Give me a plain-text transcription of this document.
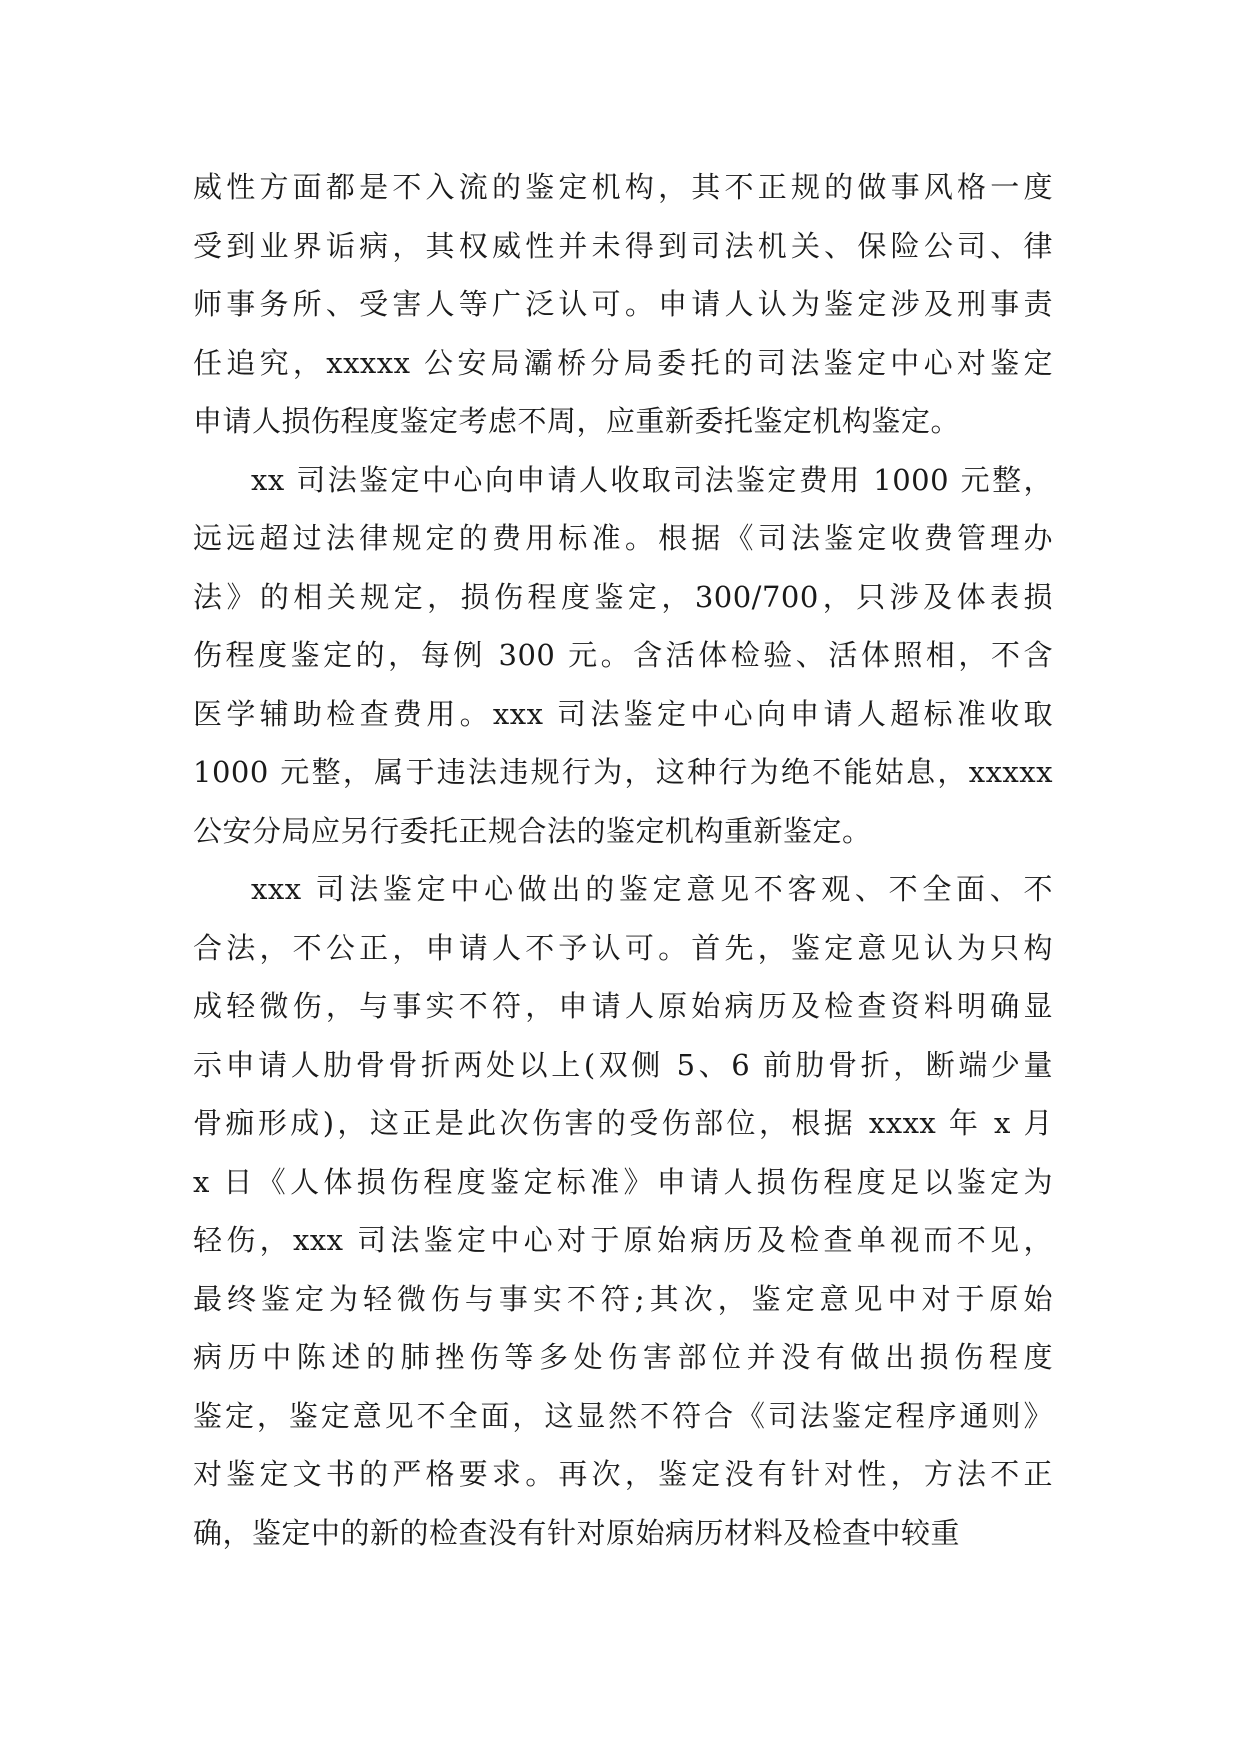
威性方面都是不入流的鉴定机构，其不正规的做事风格一度
受到业界诟病，其权威性并未得到司法机关、保险公司、律
师事务所、受害人等广泛认可。申请人认为鉴定涉及刑事责
任追究，xxxxx 公安局灞桥分局委托的司法鉴定中心对鉴定
申请人损伤程度鉴定考虑不周，应重新委托鉴定机构鉴定。
xx 司法鉴定中心向申请人收取司法鉴定费用 1000 元整，
远远超过法律规定的费用标准。根据《司法鉴定收费管理办
法》的相关规定，损伤程度鉴定，300/700，只涉及体表损
伤程度鉴定的，每例 300 元。含活体检验、活体照相，不含
医学辅助检查费用。xxx 司法鉴定中心向申请人超标准收取
1000 元整，属于违法违规行为，这种行为绝不能姑息，xxxxx
公安分局应另行委托正规合法的鉴定机构重新鉴定。
xxx 司法鉴定中心做出的鉴定意见不客观、不全面、不
合法，不公正，申请人不予认可。首先，鉴定意见认为只构
成轻微伤，与事实不符，申请人原始病历及检查资料明确显
示申请人肋骨骨折两处以上(双侧 5、6 前肋骨折，断端少量
骨痂形成)，这正是此次伤害的受伤部位，根据 xxxx 年 x 月
x 日《人体损伤程度鉴定标准》申请人损伤程度足以鉴定为
轻伤，xxx 司法鉴定中心对于原始病历及检查单视而不见，
最终鉴定为轻微伤与事实不符;其次，鉴定意见中对于原始
病历中陈述的肺挫伤等多处伤害部位并没有做出损伤程度
鉴定，鉴定意见不全面，这显然不符合《司法鉴定程序通则》
对鉴定文书的严格要求。再次，鉴定没有针对性，方法不正
确，鉴定中的新的检查没有针对原始病历材料及检查中较重
